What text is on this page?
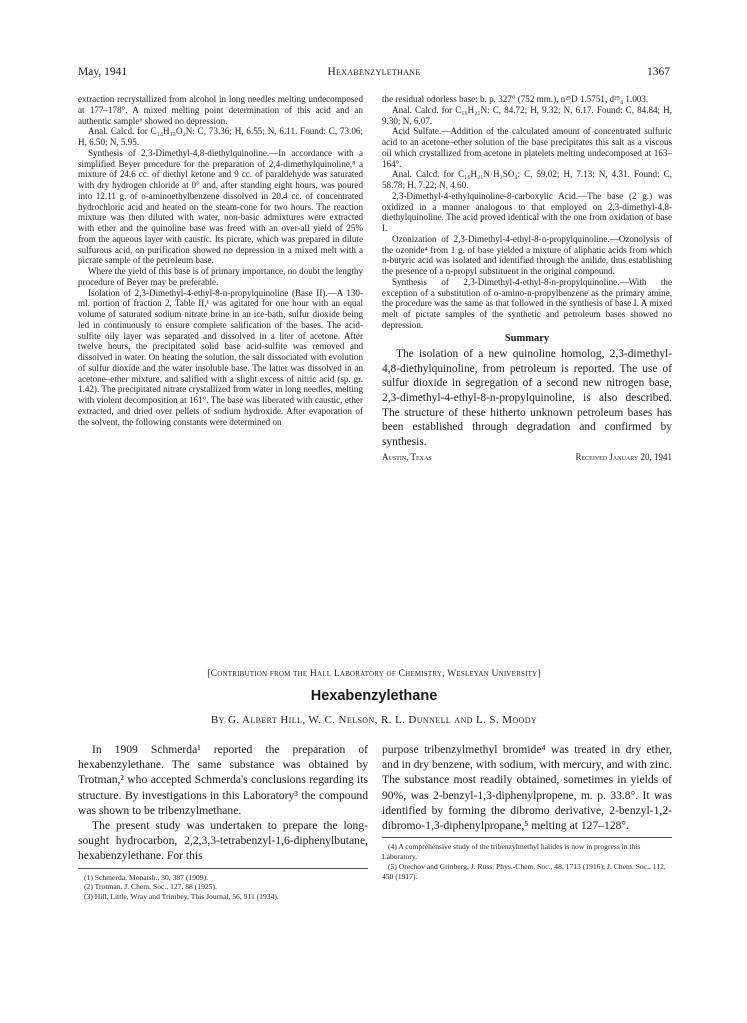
May, 1941	Hexabenzylethane	1367

extraction recrystallized from alcohol in long needles melting undecomposed at 177–178°. A mixed melting point determination of this acid and an authentic sample⁶ showed no depression.

Anal. Calcd. for C₁₄H₁₃O₂N: C, 73.36; H, 6.55; N, 6.11. Found: C, 73.06; H, 6.50; N, 5.95.

Synthesis of 2,3-Dimethyl-4,8-diethylquinoline.—In accordance with a simplified Beyer procedure for the preparation of 2,4-dimethylquinoline,⁸ a mixture of 24.6 cc. of diethyl ketone and 9 cc. of paraldehyde was saturated with dry hydrogen chloride at 0° and, after standing eight hours, was poured into 12.11 g. of o-aminoethylbenzene dissolved in 20.4 cc. of concentrated hydrochloric acid and heated on the steam-cone for two hours. The reaction mixture was then diluted with water, non-basic admixtures were extracted with ether and the quinoline base was freed with an over-all yield of 25% from the aqueous layer with caustic. Its picrate, which was prepared in dilute sulfurous acid, on purification showed no depression in a mixed melt with a picrate sample of the petroleum base.

Where the yield of this base is of primary importance, no doubt the lengthy procedure of Beyer may be preferable.

Isolation of 2,3-Dimethyl-4-ethyl-8-n-propylquinoline (Base II).—A 130-ml. portion of fraction 2, Table II,¹ was agitated for one hour with an equal volume of saturated sodium nitrate brine in an ice-bath, sulfur dioxide being led in continuously to ensure complete salification of the bases. The acid-sulfite oily layer was separated and dissolved in a liter of acetone. After twelve hours, the precipitated solid base acid-sulfite was removed and dissolved in water. On heating the solution, the salt dissociated with evolution of sulfur dioxide and the water insoluble base. The latter was dissolved in an acetone–ether mixture, and salified with a slight excess of nitric acid (sp. gr. 1.42). The precipitated nitrate crystallized from water in long needles, melting with violent decomposition at 161°. The base was liberated with caustic, ether extracted, and dried over pellets of sodium hydroxide. After evaporation of the solvent, the following constants were determined on

the residual odorless base: b. p. 327° (752 mm.), n²⁵D 1.5751, d²⁵₄ 1.003.

Anal. Calcd. for C₁₆H₂₁N: C, 84.72; H, 9.32; N, 6.17. Found: C, 84.84; H, 9.30; N, 6.07.

Acid Sulfate.—Addition of the calculated amount of concentrated sulfuric acid to an acetone–ether solution of the base precipitates this salt as a viscous oil which crystallized from acetone in platelets melting undecomposed at 163–164°.

Anal. Calcd. for C₁₆H₂₁N·H₂SO₄: C, 59.02; H, 7.13; N, 4.31. Found: C, 58.78; H, 7.22; N, 4.60.

2,3-Dimethyl-4-ethylquinoline-8-carboxylic Acid.—The base (2 g.) was oxidized in a manner analogous to that employed on 2,3-dimethyl-4,8-diethylquinoline. The acid proved identical with the one from oxidation of base I.

Ozonization of 2,3-Dimethyl-4-ethyl-8-n-propylquinoline.—Ozonolysis of the ozonide⁴ from 1 g. of base yielded a mixture of aliphatic acids from which n-butyric acid was isolated and identified through the anilide, thus establishing the presence of a n-propyl substituent in the original compound.

Synthesis of 2,3-Dimethyl-4-ethyl-8-n-propylquinoline.—With the exception of a substitution of o-amino-n-propylbenzene as the primary amine, the procedure was the same as that followed in the synthesis of base I. A mixed melt of picrate samples of the synthetic and petroleum bases showed no depression.

Summary

The isolation of a new quinoline homolog, 2,3-dimethyl-4,8-diethylquinoline, from petroleum is reported. The use of sulfur dioxide in segregation of a second new nitrogen base, 2,3-dimethyl-4-ethyl-8-n-propylquinoline, is also described. The structure of these hitherto unknown petroleum bases has been established through degradation and confirmed by synthesis.

Austin, Texas	Received January 20, 1941
[Contribution from the Hall Laboratory of Chemistry, Wesleyan University]
Hexabenzylethane
By G. Albert Hill, W. C. Nelson, R. L. Dunnell and L. S. Moody

In 1909 Schmerda¹ reported the preparation of hexabenzylethane. The same substance was obtained by Trotman,² who accepted Schmerda's conclusions regarding its structure. By investigations in this Laboratory³ the compound was shown to be tribenzylmethane.

The present study was undertaken to prepare the long-sought hydrocarbon, 2,2,3,3-tetrabenzyl-1,6-diphenylbutane, hexabenzylethane. For this

(1) Schmerda, Monatsh., 30, 387 (1909).
(2) Trotman, J. Chem. Soc., 127, 88 (1925).
(3) Hill, Little, Wray and Trimbey, This Journal, 56, 911 (1934).

purpose tribenzylmethyl bromide⁴ was treated in dry ether, and in dry benzene, with sodium, with mercury, and with zinc. The substance most readily obtained, sometimes in yields of 90%, was 2-benzyl-1,3-diphenylpropene, m. p. 33.8°. It was identified by forming the dibromo derivative, 2-benzyl-1,2-dibromo-1,3-diphenylpropane,⁵ melting at 127–128°.

(4) A comprehensive study of the tribenzylmethyl halides is now in progress in this Laboratory.
(5) Orechov and Grinberg, J. Russ. Phys.-Chem. Soc., 48, 1713 (1916); J. Chem. Soc., 112, 450 (1917).
